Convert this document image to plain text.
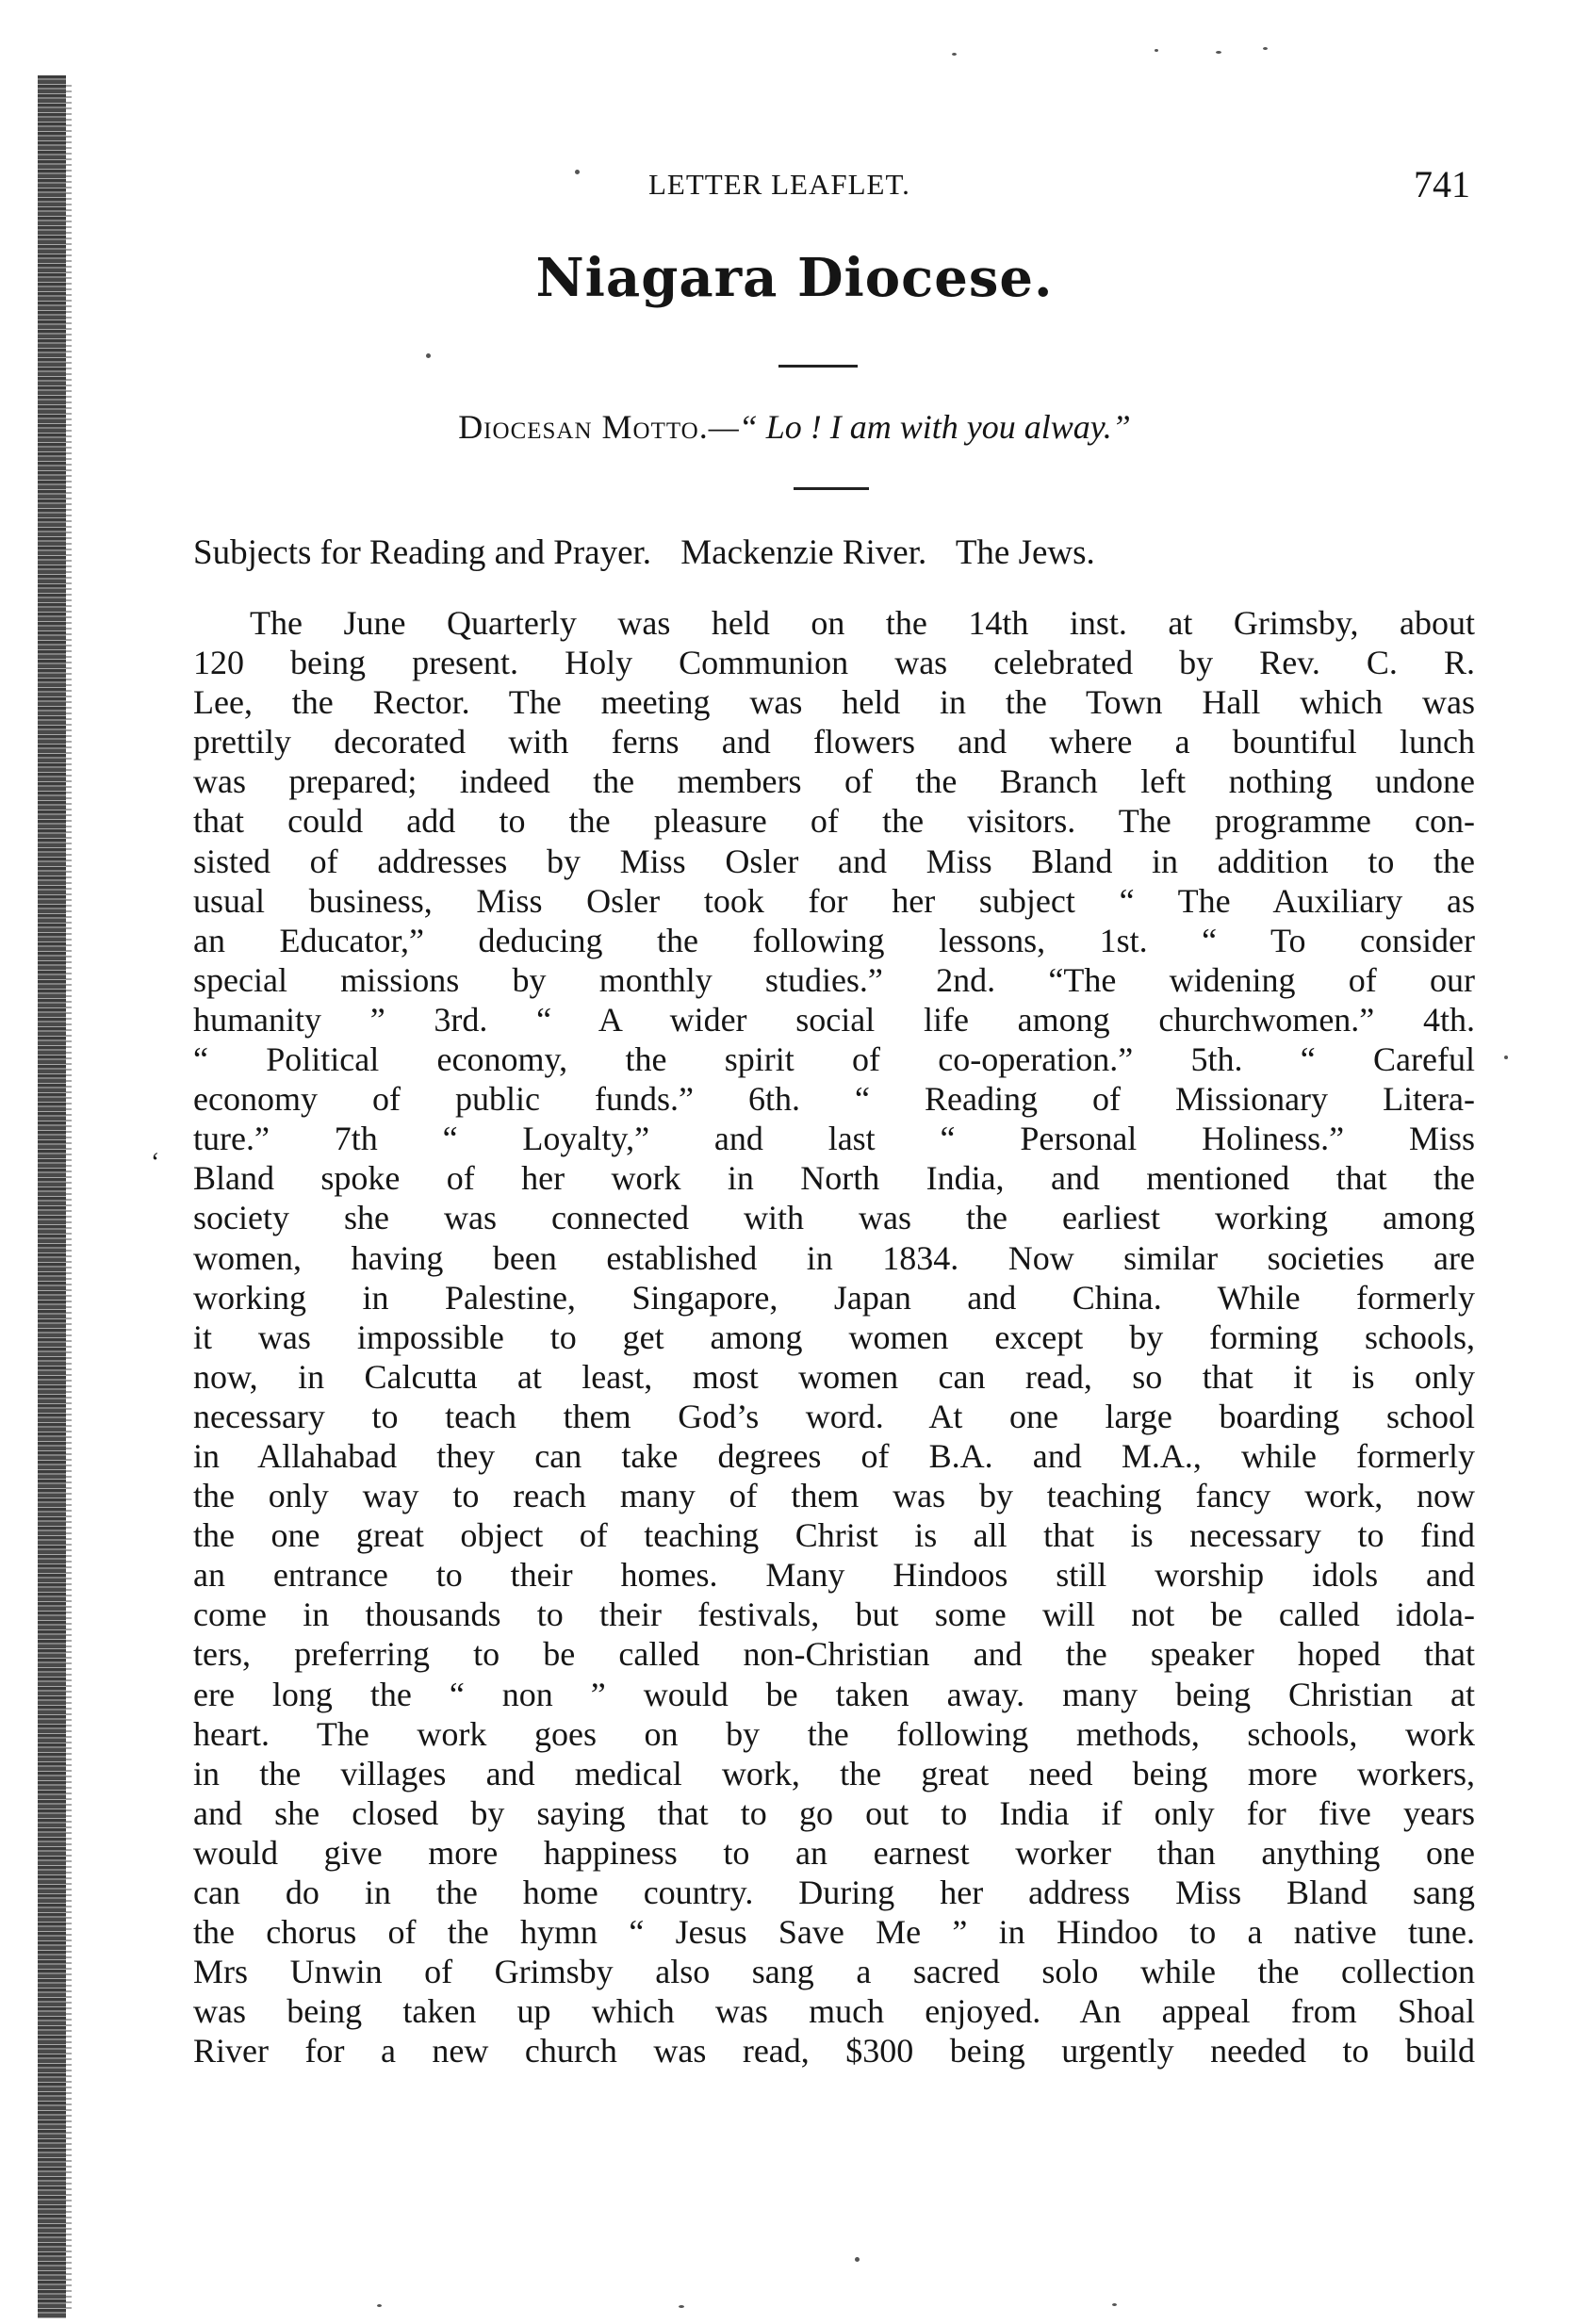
LETTER LEAFLET.	741
Niagara Diocese.
Diocesan Motto.—“ Lo ! I am with you alway.”
Subjects for Reading and Prayer. Mackenzie River. The Jews.
‘
The June Quarterly was held on the 14th inst. at Grimsby, about
120 being present. Holy Communion was celebrated by Rev. C. R.
Lee, the Rector. The meeting was held in the Town Hall which was
prettily decorated with ferns and flowers and where a bountiful lunch
was prepared; indeed the members of the Branch left nothing undone
that could add to the pleasure of the visitors. The programme con-
sisted of addresses by Miss Osler and Miss Bland in addition to the
usual business, Miss Osler took for her subject “ The Auxiliary as
an Educator,” deducing the following lessons, 1st. “ To consider
special missions by monthly studies.” 2nd. “The widening of our
humanity ” 3rd. “ A wider social life among churchwomen.” 4th.
“ Political economy, the spirit of co-operation.” 5th. “ Careful
economy of public funds.” 6th. “ Reading of Missionary Litera-
ture.” 7th “ Loyalty,” and last “ Personal Holiness.” Miss
Bland spoke of her work in North India, and mentioned that the
society she was connected with was the earliest working among
women, having been established in 1834. Now similar societies are
working in Palestine, Singapore, Japan and China. While formerly
it was impossible to get among women except by forming schools,
now, in Calcutta at least, most women can read, so that it is only
necessary to teach them God’s word. At one large boarding school
in Allahabad they can take degrees of B.A. and M.A., while formerly
the only way to reach many of them was by teaching fancy work, now
the one great object of teaching Christ is all that is necessary to find
an entrance to their homes. Many Hindoos still worship idols and
come in thousands to their festivals, but some will not be called idola-
ters, preferring to be called non-Christian and the speaker hoped that
ere long the “ non ” would be taken away. many being Christian at
heart. The work goes on by the following methods, schools, work
in the villages and medical work, the great need being more workers,
and she closed by saying that to go out to India if only for five years
would give more happiness to an earnest worker than anything one
can do in the home country. During her address Miss Bland sang
the chorus of the hymn “ Jesus Save Me ” in Hindoo to a native tune.
Mrs Unwin of Grimsby also sang a sacred solo while the collection
was being taken up which was much enjoyed. An appeal from Shoal
River for a new church was read, $300 being urgently needed to build
